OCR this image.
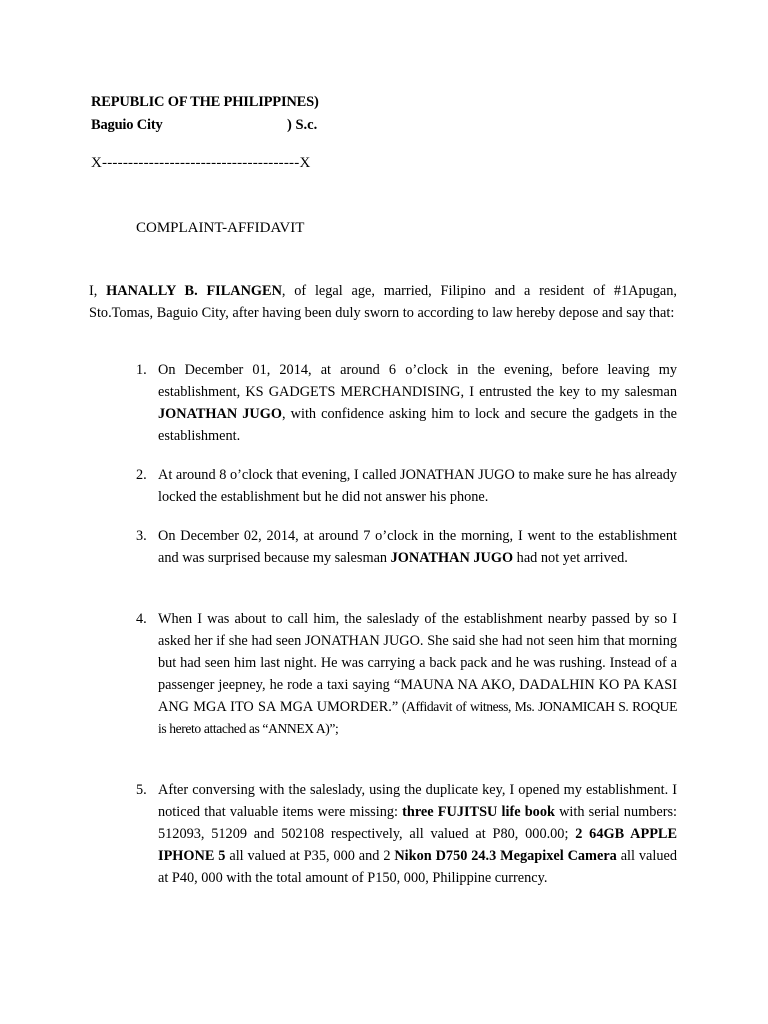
REPUBLIC OF THE PHILIPPINES)
Baguio City	) S.c.
X--------------------------------------X
COMPLAINT-AFFIDAVIT
I, HANALLY B. FILANGEN, of legal age, married, Filipino and a resident of #1Apugan, Sto.Tomas, Baguio City, after having been duly sworn to according to law hereby depose and say that:
1. On December 01, 2014, at around 6 o’clock in the evening, before leaving my establishment, KS GADGETS MERCHANDISING, I entrusted the key to my salesman JONATHAN JUGO, with confidence asking him to lock and secure the gadgets in the establishment.
2. At around 8 o’clock that evening, I called JONATHAN JUGO to make sure he has already locked the establishment but he did not answer his phone.
3. On December 02, 2014, at around 7 o’clock in the morning, I went to the establishment and was surprised because my salesman JONATHAN JUGO had not yet arrived.
4. When I was about to call him, the saleslady of the establishment nearby passed by so I asked her if she had seen JONATHAN JUGO. She said she had not seen him that morning but had seen him last night. He was carrying a back pack and he was rushing. Instead of a passenger jeepney, he rode a taxi saying “MAUNA NA AKO, DADALHIN KO PA KASI ANG MGA ITO SA MGA UMORDER.” (Affidavit of witness, Ms. JONAMICAH S. ROQUE is hereto attached as “ANNEX A)”;
5. After conversing with the saleslady, using the duplicate key, I opened my establishment. I noticed that valuable items were missing: three FUJITSU life book with serial numbers: 512093, 51209 and 502108 respectively, all valued at P80, 000.00; 2 64GB APPLE IPHONE 5 all valued at P35, 000 and 2 Nikon D750 24.3 Megapixel Camera all valued at P40, 000 with the total amount of P150, 000, Philippine currency.
